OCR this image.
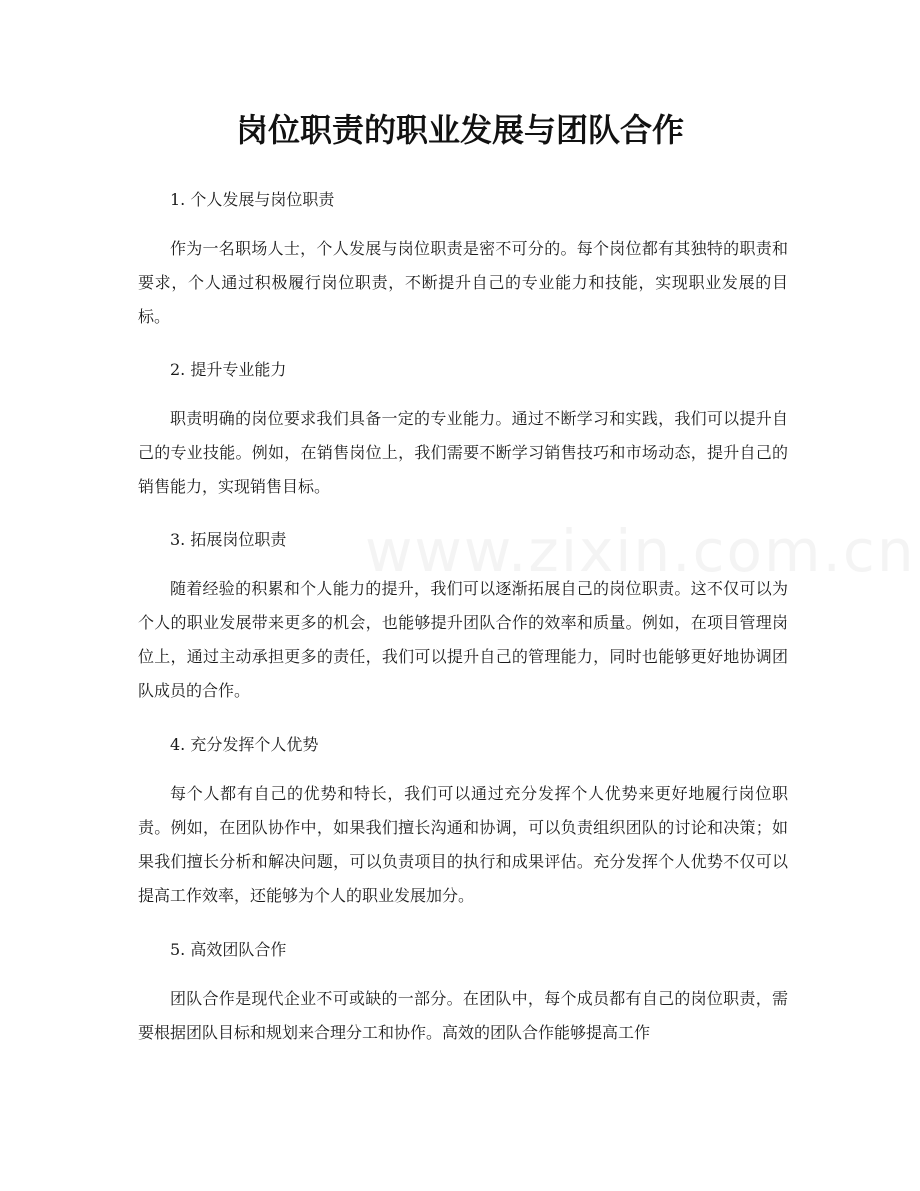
www.zixin.com.cn
岗位职责的职业发展与团队合作

1. 个人发展与岗位职责

作为一名职场人士，个人发展与岗位职责是密不可分的。每个岗位都有其独特的职责和要求，个人通过积极履行岗位职责，不断提升自己的专业能力和技能，实现职业发展的目标。

2. 提升专业能力

职责明确的岗位要求我们具备一定的专业能力。通过不断学习和实践，我们可以提升自己的专业技能。例如，在销售岗位上，我们需要不断学习销售技巧和市场动态，提升自己的销售能力，实现销售目标。

3. 拓展岗位职责

随着经验的积累和个人能力的提升，我们可以逐渐拓展自己的岗位职责。这不仅可以为个人的职业发展带来更多的机会，也能够提升团队合作的效率和质量。例如，在项目管理岗位上，通过主动承担更多的责任，我们可以提升自己的管理能力，同时也能够更好地协调团队成员的合作。

4. 充分发挥个人优势

每个人都有自己的优势和特长，我们可以通过充分发挥个人优势来更好地履行岗位职责。例如，在团队协作中，如果我们擅长沟通和协调，可以负责组织团队的讨论和决策；如果我们擅长分析和解决问题，可以负责项目的执行和成果评估。充分发挥个人优势不仅可以提高工作效率，还能够为个人的职业发展加分。

5. 高效团队合作

团队合作是现代企业不可或缺的一部分。在团队中，每个成员都有自己的岗位职责，需要根据团队目标和规划来合理分工和协作。高效的团队合作能够提高工作
